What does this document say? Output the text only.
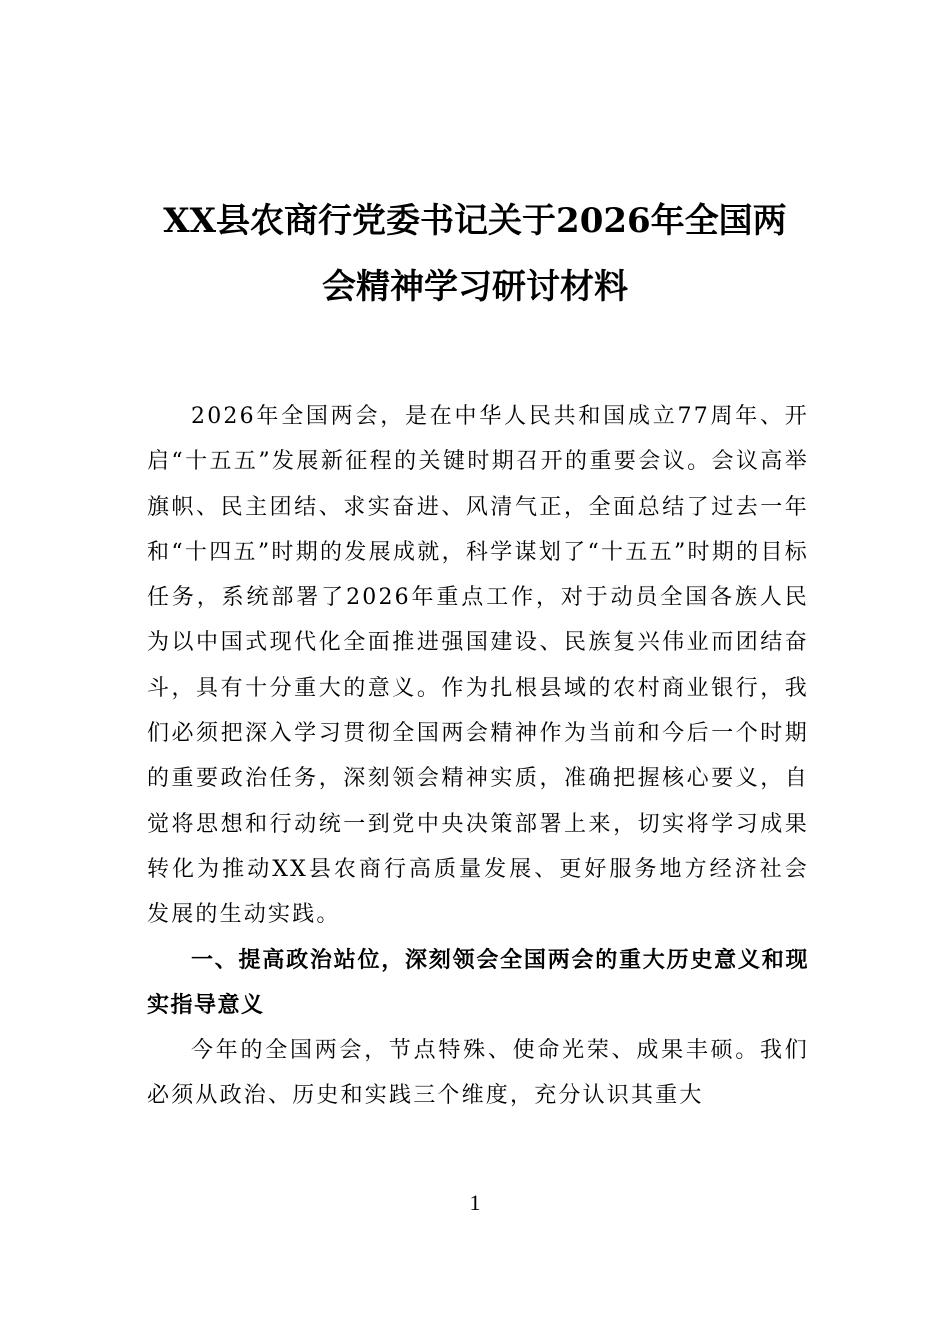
XX县农商行党委书记关于2026年全国两
会精神学习研讨材料

2026年全国两会，是在中华人民共和国成立77周年、开启“十五五”发展新征程的关键时期召开的重要会议。会议高举旗帜、民主团结、求实奋进、风清气正，全面总结了过去一年和“十四五”时期的发展成就，科学谋划了“十五五”时期的目标任务，系统部署了2026年重点工作，对于动员全国各族人民为以中国式现代化全面推进强国建设、民族复兴伟业而团结奋斗，具有十分重大的意义。作为扎根县域的农村商业银行，我们必须把深入学习贯彻全国两会精神作为当前和今后一个时期的重要政治任务，深刻领会精神实质，准确把握核心要义，自觉将思想和行动统一到党中央决策部署上来，切实将学习成果转化为推动XX县农商行高质量发展、更好服务地方经济社会发展的生动实践。

一、提高政治站位，深刻领会全国两会的重大历史意义和现实指导意义

今年的全国两会，节点特殊、使命光荣、成果丰硕。我们必须从政治、历史和实践三个维度，充分认识其重大

1
